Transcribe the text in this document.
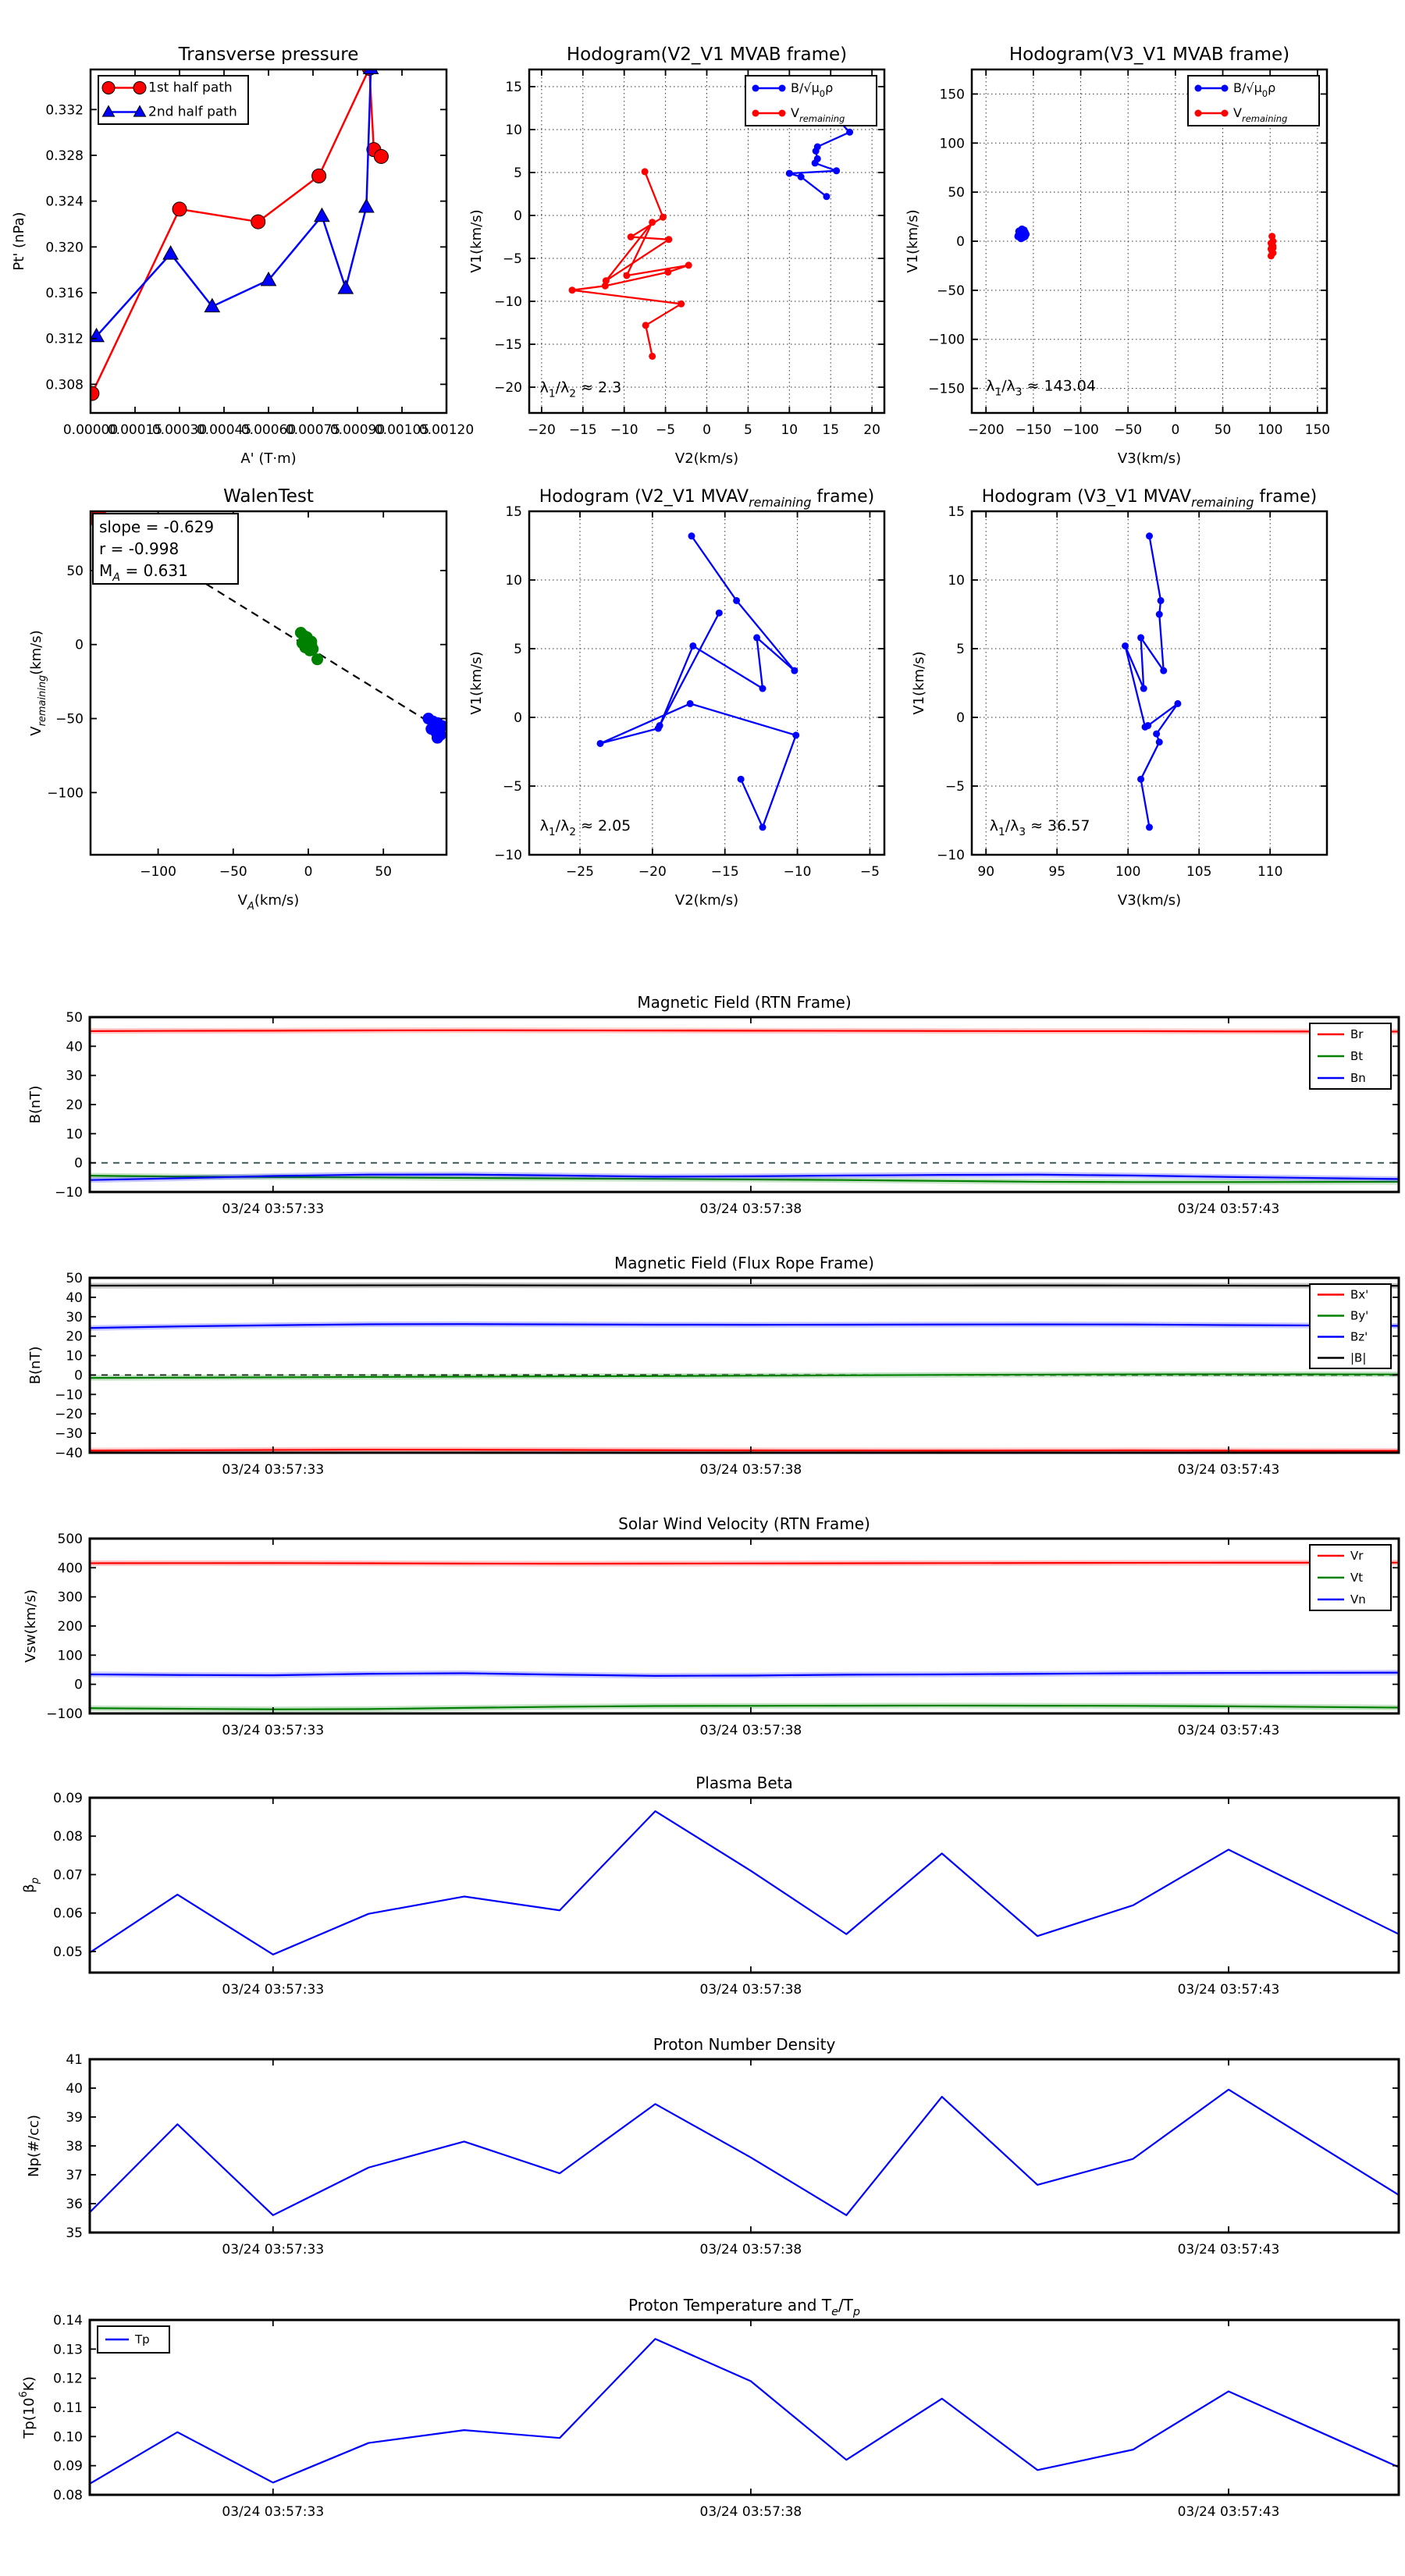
0.00000
0.00015
0.00030
0.00045
0.00060
0.00075
0.00090
0.00105
0.00120
0.308
0.312
0.316
0.320
0.324
0.328
0.332
Transverse pressure
A' (T·m)
Pt' (nPa)
1st half path
2nd half path
−20 −15 −10 −5 0 5 10 15 20
−20
−15
−10
−5
0
5
10
15
Hodogram(V2_V1 MVAB frame)
V2(km/s)
V1(km/s)
$B/√\mu_0\rho$
$V_{remaining}$
$\lambda_1/\lambda_2 \approx 2.3$
−200 −150 −100 −50 0	50 100 150
−150
−100
−50
0
50
100
150
Hodogram(V3_V1 MVAB frame)
V3(km/s)
V1(km/s)
$B/√\mu_0\rho$
$V_{remaining}$
$\lambda_1/\lambda_3 \approx 143.04$
−100	−50	0	50
−100
−50
0
50
WalenTest
$V_A(km/s)$
$V_{remaining}(km/s)$
slope = -0.629
r = -0.998
$M_A = 0.631$
−25	−20	−15	−10	−5
−10
−5
0
5
10
15
Hodogram (V2_V1 $MVAV_{remaining}$ frame)
V2(km/s)
V1(km/s)
$\lambda_1/\lambda_2 \approx 2.05$
90	95	100	105	110
−10
−5
0
5
10
15
Hodogram (V3_V1 $MVAV_{remaining}$ frame)
V3(km/s)
V1(km/s)
$\lambda_1/\lambda_3 \approx 36.57$
03/24 03:57:33	03/24 03:57:38	03/24 03:57:43
−10
0
10
20
30
40
50
Magnetic Field (RTN Frame)
B(nT)
Br
Bt
Bn
03/24 03:57:33	03/24 03:57:38	03/24 03:57:43
−40
−30
−20
−10
0
10
20
30
40
50
Magnetic Field (Flux Rope Frame)
B(nT)
Bx'
By'
Bz'
|B|
03/24 03:57:33	03/24 03:57:38	03/24 03:57:43
−100
0
100
200
300
400
500
Solar Wind Velocity (RTN Frame)
Vsw(km/s)
Vr
Vt
Vn
03/24 03:57:33	03/24 03:57:38	03/24 03:57:43
0.05
0.06
0.07
0.08
0.09
Plasma Beta
$\beta_p$
03/24 03:57:33	03/24 03:57:38	03/24 03:57:43
35
36
37
38
39
40
41
Proton Number Density
Np(#/cc)
03/24 03:57:33	03/24 03:57:38	03/24 03:57:43
0.08
0.09
0.10
0.11
0.12
0.13
0.14
Proton Temperature and $T_e/T_p$
$Tp(10^6K)$
Tp
